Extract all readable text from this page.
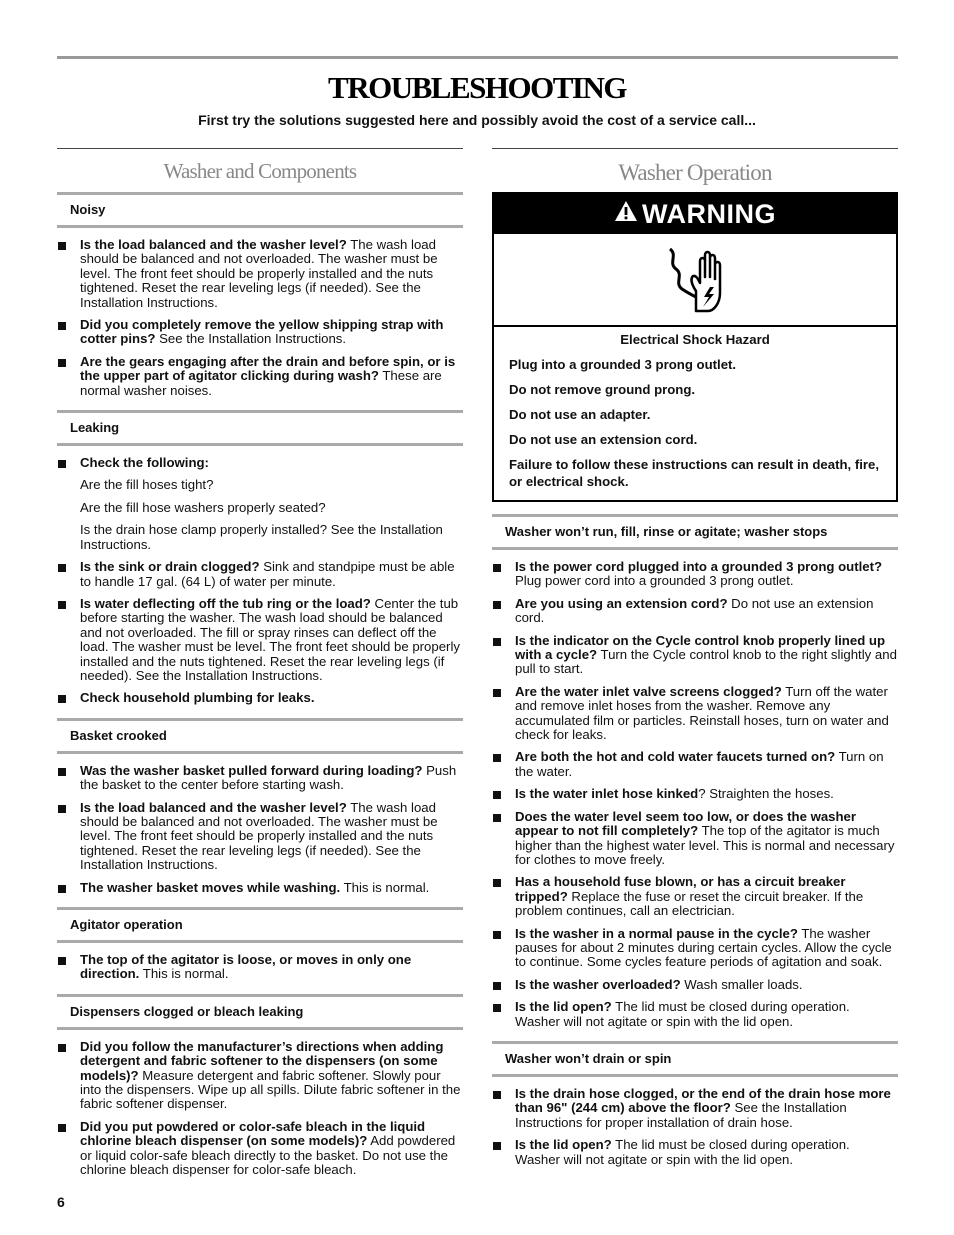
TROUBLESHOOTING
First try the solutions suggested here and possibly avoid the cost of a service call...
Washer and Components
Noisy
Is the load balanced and the washer level? The wash load should be balanced and not overloaded. The washer must be level. The front feet should be properly installed and the nuts tightened. Reset the rear leveling legs (if needed). See the Installation Instructions.
Did you completely remove the yellow shipping strap with cotter pins? See the Installation Instructions.
Are the gears engaging after the drain and before spin, or is the upper part of agitator clicking during wash? These are normal washer noises.
Leaking
Check the following:
Are the fill hoses tight?
Are the fill hose washers properly seated?
Is the drain hose clamp properly installed? See the Installation Instructions.
Is the sink or drain clogged? Sink and standpipe must be able to handle 17 gal. (64 L) of water per minute.
Is water deflecting off the tub ring or the load? Center the tub before starting the washer. The wash load should be balanced and not overloaded. The fill or spray rinses can deflect off the load. The washer must be level. The front feet should be properly installed and the nuts tightened. Reset the rear leveling legs (if needed). See the Installation Instructions.
Check household plumbing for leaks.
Basket crooked
Was the washer basket pulled forward during loading? Push the basket to the center before starting wash.
Is the load balanced and the washer level? The wash load should be balanced and not overloaded. The washer must be level. The front feet should be properly installed and the nuts tightened. Reset the rear leveling legs (if needed). See the Installation Instructions.
The washer basket moves while washing. This is normal.
Agitator operation
The top of the agitator is loose, or moves in only one direction. This is normal.
Dispensers clogged or bleach leaking
Did you follow the manufacturer’s directions when adding detergent and fabric softener to the dispensers (on some models)? Measure detergent and fabric softener. Slowly pour into the dispensers. Wipe up all spills. Dilute fabric softener in the fabric softener dispenser.
Did you put powdered or color-safe bleach in the liquid chlorine bleach dispenser (on some models)? Add powdered or liquid color-safe bleach directly to the basket. Do not use the chlorine bleach dispenser for color-safe bleach.
Washer Operation
WARNING
Electrical Shock Hazard

Plug into a grounded 3 prong outlet.

Do not remove ground prong.

Do not use an adapter.

Do not use an extension cord.

Failure to follow these instructions can result in death, fire, or electrical shock.

Washer won’t run, fill, rinse or agitate; washer stops
Is the power cord plugged into a grounded 3 prong outlet? Plug power cord into a grounded 3 prong outlet.
Are you using an extension cord? Do not use an extension cord.
Is the indicator on the Cycle control knob properly lined up with a cycle? Turn the Cycle control knob to the right slightly and pull to start.
Are the water inlet valve screens clogged? Turn off the water and remove inlet hoses from the washer. Remove any accumulated film or particles. Reinstall hoses, turn on water and check for leaks.
Are both the hot and cold water faucets turned on? Turn on the water.
Is the water inlet hose kinked? Straighten the hoses.
Does the water level seem too low, or does the washer appear to not fill completely? The top of the agitator is much higher than the highest water level. This is normal and necessary for clothes to move freely.
Has a household fuse blown, or has a circuit breaker tripped? Replace the fuse or reset the circuit breaker. If the problem continues, call an electrician.
Is the washer in a normal pause in the cycle? The washer pauses for about 2 minutes during certain cycles. Allow the cycle to continue. Some cycles feature periods of agitation and soak.
Is the washer overloaded? Wash smaller loads.
Is the lid open? The lid must be closed during operation. Washer will not agitate or spin with the lid open.
Washer won’t drain or spin
Is the drain hose clogged, or the end of the drain hose more than 96" (244 cm) above the floor? See the Installation Instructions for proper installation of drain hose.
Is the lid open? The lid must be closed during operation. Washer will not agitate or spin with the lid open.
6
